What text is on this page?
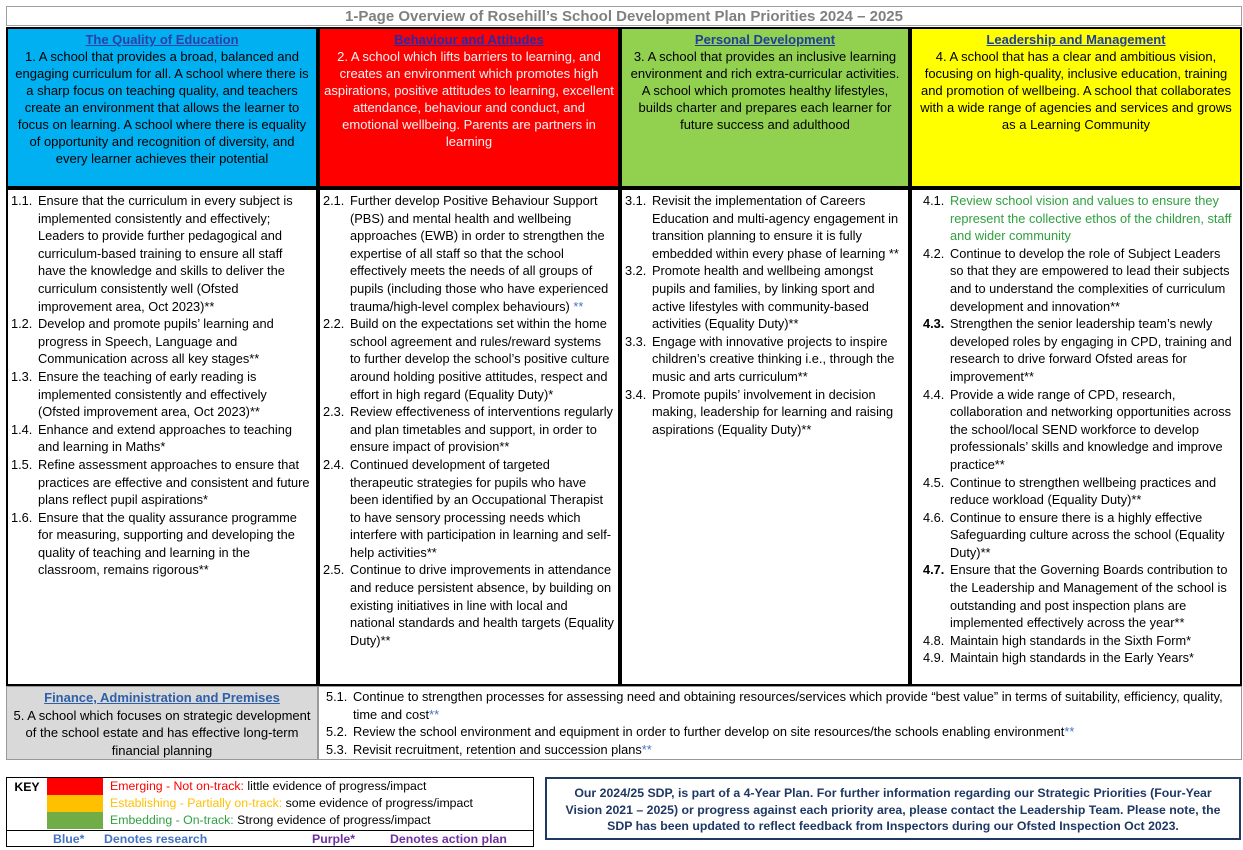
1-Page Overview of Rosehill’s School Development Plan Priorities 2024 – 2025
The Quality of Education
1. A school that provides a broad, balanced and engaging curriculum for all. A school where there is a sharp focus on teaching quality, and teachers create an environment that allows the learner to focus on learning. A school where there is equality of opportunity and recognition of diversity, and every learner achieves their potential
Behaviour and Attitudes
2. A school which lifts barriers to learning, and creates an environment which promotes high aspirations, positive attitudes to learning, excellent attendance, behaviour and conduct, and emotional wellbeing. Parents are partners in learning
Personal Development
3. A school that provides an inclusive learning environment and rich extra-curricular activities. A school which promotes healthy lifestyles, builds charter and prepares each learner for future success and adulthood
Leadership and Management
4. A school that has a clear and ambitious vision, focusing on high-quality, inclusive education, training and promotion of wellbeing. A school that collaborates with a wide range of agencies and services and grows as a Learning Community
1.1. Ensure that the curriculum in every subject is implemented consistently and effectively; Leaders to provide further pedagogical and curriculum-based training to ensure all staff have the knowledge and skills to deliver the curriculum consistently well (Ofsted improvement area, Oct 2023)**
1.2. Develop and promote pupils’ learning and progress in Speech, Language and Communication across all key stages**
1.3. Ensure the teaching of early reading is implemented consistently and effectively (Ofsted improvement area, Oct 2023)**
1.4. Enhance and extend approaches to teaching and learning in Maths*
1.5. Refine assessment approaches to ensure that practices are effective and consistent and future plans reflect pupil aspirations*
1.6. Ensure that the quality assurance programme for measuring, supporting and developing the quality of teaching and learning in the classroom, remains rigorous**
2.1. Further develop Positive Behaviour Support (PBS) and mental health and wellbeing approaches (EWB) in order to strengthen the expertise of all staff so that the school effectively meets the needs of all groups of pupils (including those who have experienced trauma/high-level complex behaviours) **
2.2. Build on the expectations set within the home school agreement and rules/reward systems to further develop the school’s positive culture around holding positive attitudes, respect and effort in high regard (Equality Duty)*
2.3. Review effectiveness of interventions regularly and plan timetables and support, in order to ensure impact of provision**
2.4. Continued development of targeted therapeutic strategies for pupils who have been identified by an Occupational Therapist to have sensory processing needs which interfere with participation in learning and self-help activities**
2.5. Continue to drive improvements in attendance and reduce persistent absence, by building on existing initiatives in line with local and national standards and health targets (Equality Duty)**
3.1. Revisit the implementation of Careers Education and multi-agency engagement in transition planning to ensure it is fully embedded within every phase of learning **
3.2. Promote health and wellbeing amongst pupils and families, by linking sport and active lifestyles with community-based activities (Equality Duty)**
3.3. Engage with innovative projects to inspire children’s creative thinking i.e., through the music and arts curriculum**
3.4. Promote pupils’ involvement in decision making, leadership for learning and raising aspirations (Equality Duty)**
4.1. Review school vision and values to ensure they represent the collective ethos of the children, staff and wider community
4.2. Continue to develop the role of Subject Leaders so that they are empowered to lead their subjects and to understand the complexities of curriculum development and innovation**
4.3. Strengthen the senior leadership team’s newly developed roles by engaging in CPD, training and research to drive forward Ofsted areas for improvement**
4.4. Provide a wide range of CPD, research, collaboration and networking opportunities across the school/local SEND workforce to develop professionals’ skills and knowledge and improve practice**
4.5. Continue to strengthen wellbeing practices and reduce workload (Equality Duty)**
4.6. Continue to ensure there is a highly effective Safeguarding culture across the school (Equality Duty)**
4.7. Ensure that the Governing Boards contribution to the Leadership and Management of the school is outstanding and post inspection plans are implemented effectively across the year**
4.8. Maintain high standards in the Sixth Form*
4.9. Maintain high standards in the Early Years*
Finance, Administration and Premises
5. A school which focuses on strategic development of the school estate and has effective long-term financial planning
5.1. Continue to strengthen processes for assessing need and obtaining resources/services which provide “best value” in terms of suitability, efficiency, quality, time and cost**
5.2. Review the school environment and equipment in order to further develop on site resources/the schools enabling environment**
5.3. Revisit recruitment, retention and succession plans**
KEY	Emerging - Not on-track: little evidence of progress/impact
Establishing - Partially on-track: some evidence of progress/impact
Embedding - On-track: Strong evidence of progress/impact
Blue* Denotes research	Purple*	Denotes action plan
Our 2024/25 SDP, is part of a 4-Year Plan. For further information regarding our Strategic Priorities (Four-Year Vision 2021 – 2025) or progress against each priority area, please contact the Leadership Team. Please note, the SDP has been updated to reflect feedback from Inspectors during our Ofsted Inspection Oct 2023.
